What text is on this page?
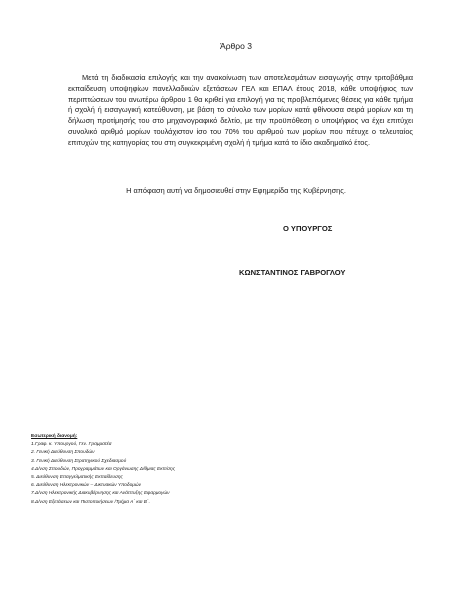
Άρθρο 3

Μετά τη διαδικασία επιλογής και την ανακοίνωση των αποτελεσμάτων εισαγωγής στην τριτοβάθμια εκπαίδευση υποψηφίων πανελλαδικών εξετάσεων ΓΕΛ και ΕΠΑΛ έτους 2018, κάθε υποψήφιος των περιπτώσεων του ανωτέρω άρθρου 1 θα κριθεί για επιλογή για τις προβλεπόμενες θέσεις για κάθε τμήμα ή σχολή ή εισαγωγική κατεύθυνση, με βάση το σύνολο των μορίων κατά φθίνουσα σειρά μορίων και τη δήλωση προτίμησής του στο μηχανογραφικό δελτίο, με την προϋπόθεση ο υποψήφιος να έχει επιτύχει συνολικό αριθμό μορίων τουλάχιστον ίσο του 70% του αριθμού των μορίων που πέτυχε ο τελευταίος επιτυχών της κατηγορίας του στη συγκεκριμένη σχολή ή τμήμα κατά το ίδιο ακαδημαϊκό έτος.

Η απόφαση αυτή να δημοσιευθεί στην Εφημερίδα της Κυβέρνησης.
Ο ΥΠΟΥΡΓΟΣ
ΚΩΝΣΤΑΝΤΙΝΟΣ ΓΑΒΡΟΓΛΟΥ
Εσωτερική διανομή:
1.Γραφ. κ. Υπουργού, Γεν. Γραμματέα
2. Γενική Διεύθυνση Σπουδών
3. Γενική Διεύθυνση Στρατηγικού Σχεδιασμού
4.Δ/νση Σπουδών, Προγραμμάτων και Οργάνωσης Δ/θμιας Εκπ/σης
5. Διεύθυνση Επαγγελματικής Εκπαίδευσης
6. Διεύθυνση Ηλεκτρονικών – Δικτυακών Υποδομών
7.Δ/νση Ηλεκτρονικής Διακυβέρνησης και Ανάπτυξης Εφαρμογών
8.Δ/νση Εξετάσεων και Πιστοποιήσεων /Τμήμα Α΄ και Β΄.
